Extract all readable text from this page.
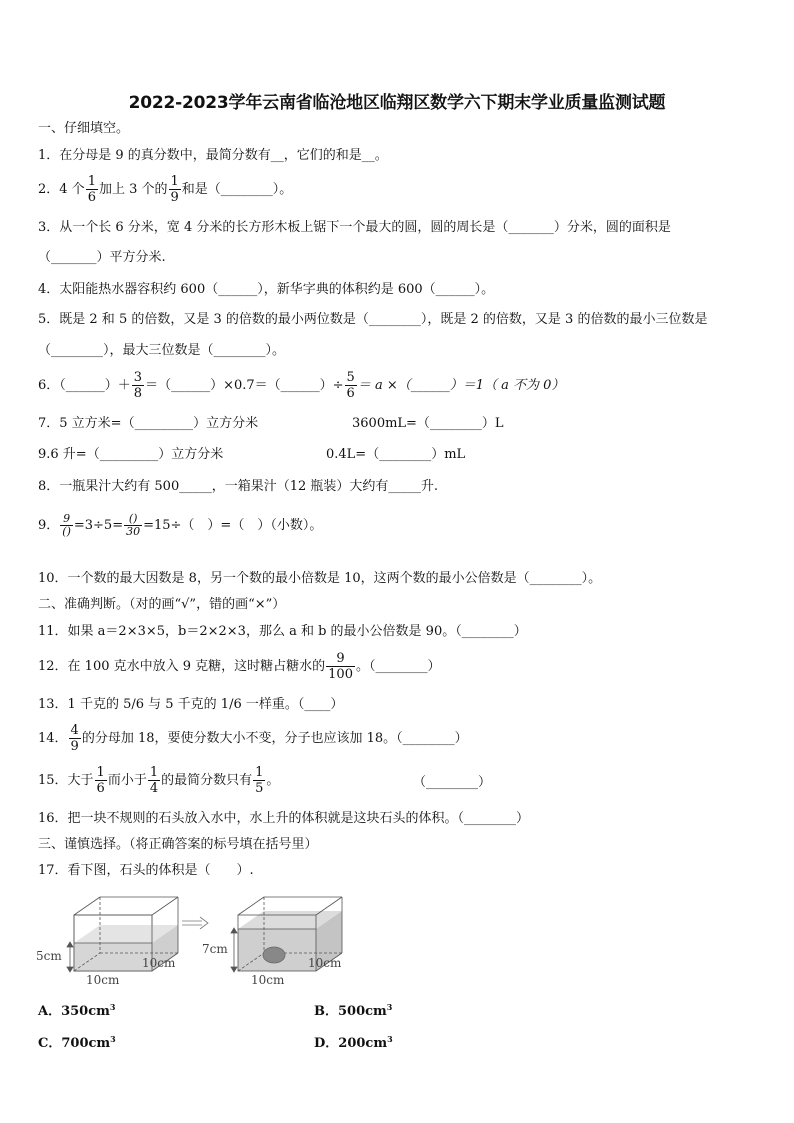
2022-2023学年云南省临沧地区临翔区数学六下期末学业质量监测试题
一、仔细填空。
1．在分母是 9 的真分数中，最简分数有__，它们的和是__。
2．4 个 $\frac{1}{6}$ 加上 3 个的 $\frac{1}{9}$ 和是（________）。
3．从一个长 6 分米，宽 4 分米的长方形木板上锯下一个最大的圆，圆的周长是（_______）分米，圆的面积是
（_______）平方分米.
4．太阳能热水器容积约 600（______），新华字典的体积约是 600（______）。
5．既是 2 和 5 的倍数，又是 3 的倍数的最小两位数是（________），既是 2 的倍数，又是 3 的倍数的最小三位数是
（________），最大三位数是（________）。
6．（______）＋ $\frac{3}{8}$ ＝（______）×0.7＝（______）÷ $\frac{5}{6} = a$ ×（______）＝1（ a 不为 0）
7．5 立方米=（_________）立方分米	3600mL=（________）L
9.6 升=（_________）立方分米	0.4L=（________）mL
8．一瓶果汁大约有 500_____，一箱果汁（12 瓶装）大约有_____升.
9． $\frac{9}{()} =3\div 5= \frac{()}{30} =15\div$（　）=（　）（小数）。
10．一个数的最大因数是 8，另一个数的最小倍数是 10，这两个数的最小公倍数是（________）。
二、准确判断。（对的画“√”，错的画“×”）
11．如果 a＝2×3×5，b＝2×2×3，那么 a 和 b 的最小公倍数是 90。（________）
12．在 100 克水中放入 9 克糖，这时糖占糖水的 $\frac{9}{100}$ 。（________）
13．1 千克的 5/6 与 5 千克的 1/6 一样重。（____）
14． $\frac{4}{9}$ 的分母加 18，要使分数大小不变，分子也应该加 18。（________）
15．大于 $\frac{1}{6}$ 而小于 $\frac{1}{4}$ 的最简分数只有 $\frac{1}{5}$ 。	（________）
16．把一块不规则的石头放入水中，水上升的体积就是这块石头的体积。（________）
三、谨慎选择。（将正确答案的标号填在括号里）
17．看下图，石头的体积是（　　）.
5cm
10cm
10cm
7cm
10cm
10cm
A．$350cm^3$	B．$500cm^3$
C．$700cm^3$	D．$200cm^3$
